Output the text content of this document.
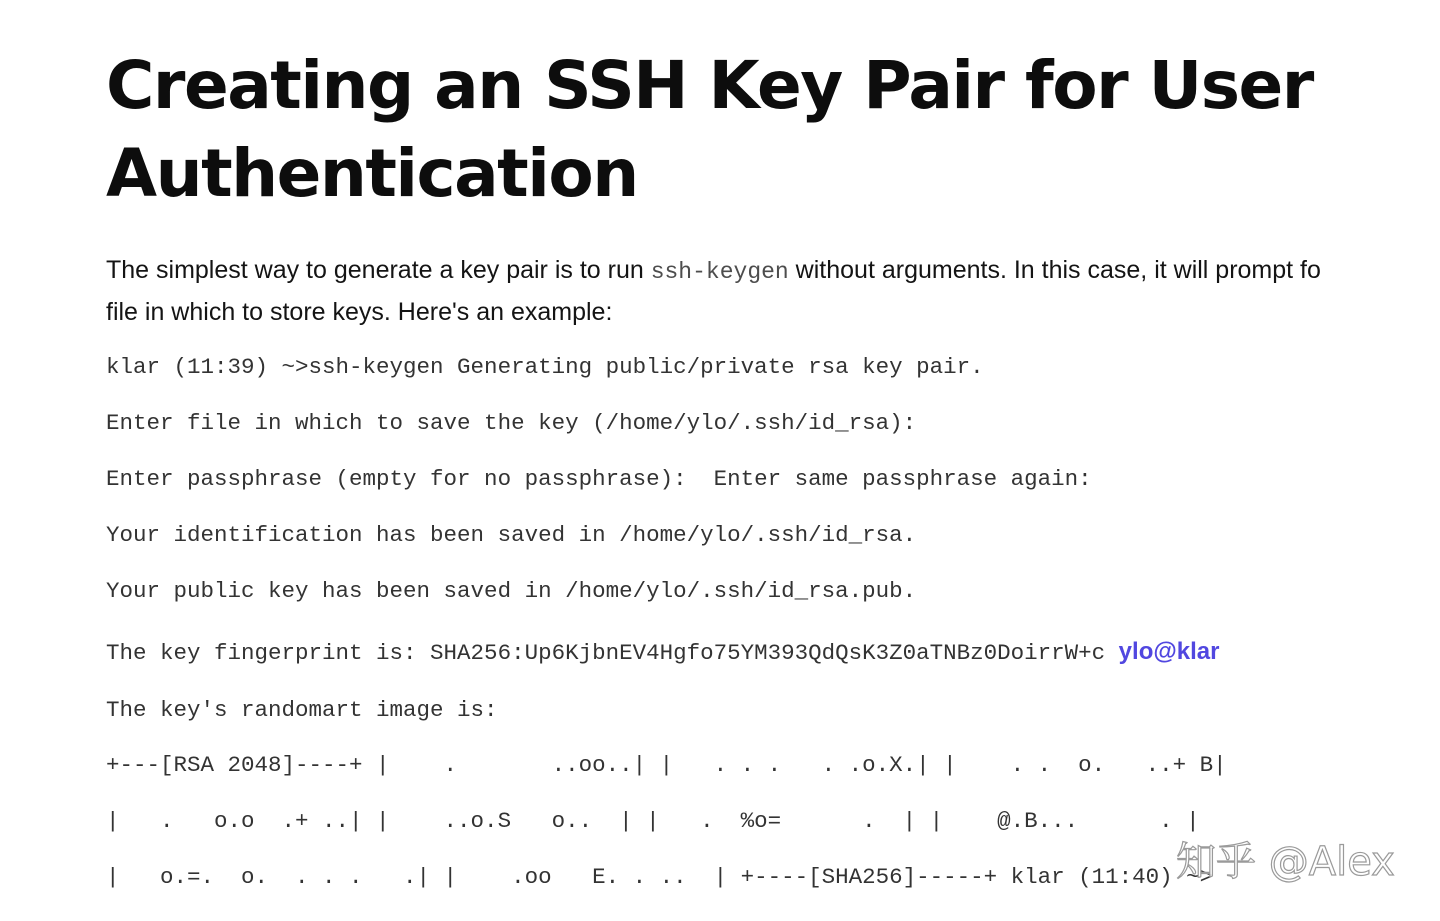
Creating an SSH Key Pair for User Authentication

The simplest way to generate a key pair is to run ssh-keygen without arguments. In this case, it will prompt fo
file in which to store keys. Here's an example:

klar (11:39) ~>ssh-keygen Generating public/private rsa key pair.
Enter file in which to save the key (/home/ylo/.ssh/id_rsa):
Enter passphrase (empty for no passphrase):  Enter same passphrase again:
Your identification has been saved in /home/ylo/.ssh/id_rsa.
Your public key has been saved in /home/ylo/.ssh/id_rsa.pub.
The key fingerprint is: SHA256:Up6KjbnEV4Hgfo75YM393QdQsK3Z0aTNBz0DoirrW+c ylo@klar
The key's randomart image is:
+---[RSA 2048]----+ |    .       ..oo..| |   . . .   . .o.X.| |    . .  o.   ..+ B|
|   .   o.o  .+ ..| |    ..o.S   o..  | |   .  %o=      .  | |    @.B...      . |
|   o.=.  o.  . . .   .| |    .oo   E. . ..  | +----[SHA256]-----+ klar (11:40) ~>
知乎 @Alex
